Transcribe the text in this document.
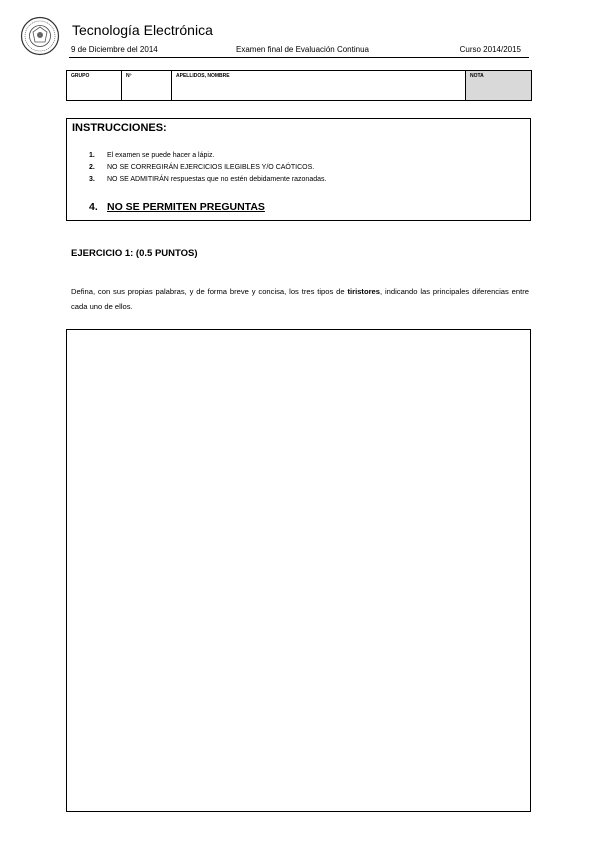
Tecnología Electrónica
9 de Diciembre del 2014	Examen final de Evaluación Continua	Curso 2014/2015
GRUPO	Nº	APELLIDOS, NOMBRE	NOTA
INSTRUCCIONES:
1. El examen se puede hacer a lápiz.
2. NO SE CORREGIRÁN EJERCICIOS ILEGIBLES Y/O CAÓTICOS.
3. NO SE ADMITIRÁN respuestas que no estén debidamente razonadas.
4. NO SE PERMITEN PREGUNTAS
EJERCICIO 1: (0.5 PUNTOS)
Defina, con sus propias palabras, y de forma breve y concisa, los tres tipos de tiristores, indicando las principales diferencias entre cada uno de ellos.
